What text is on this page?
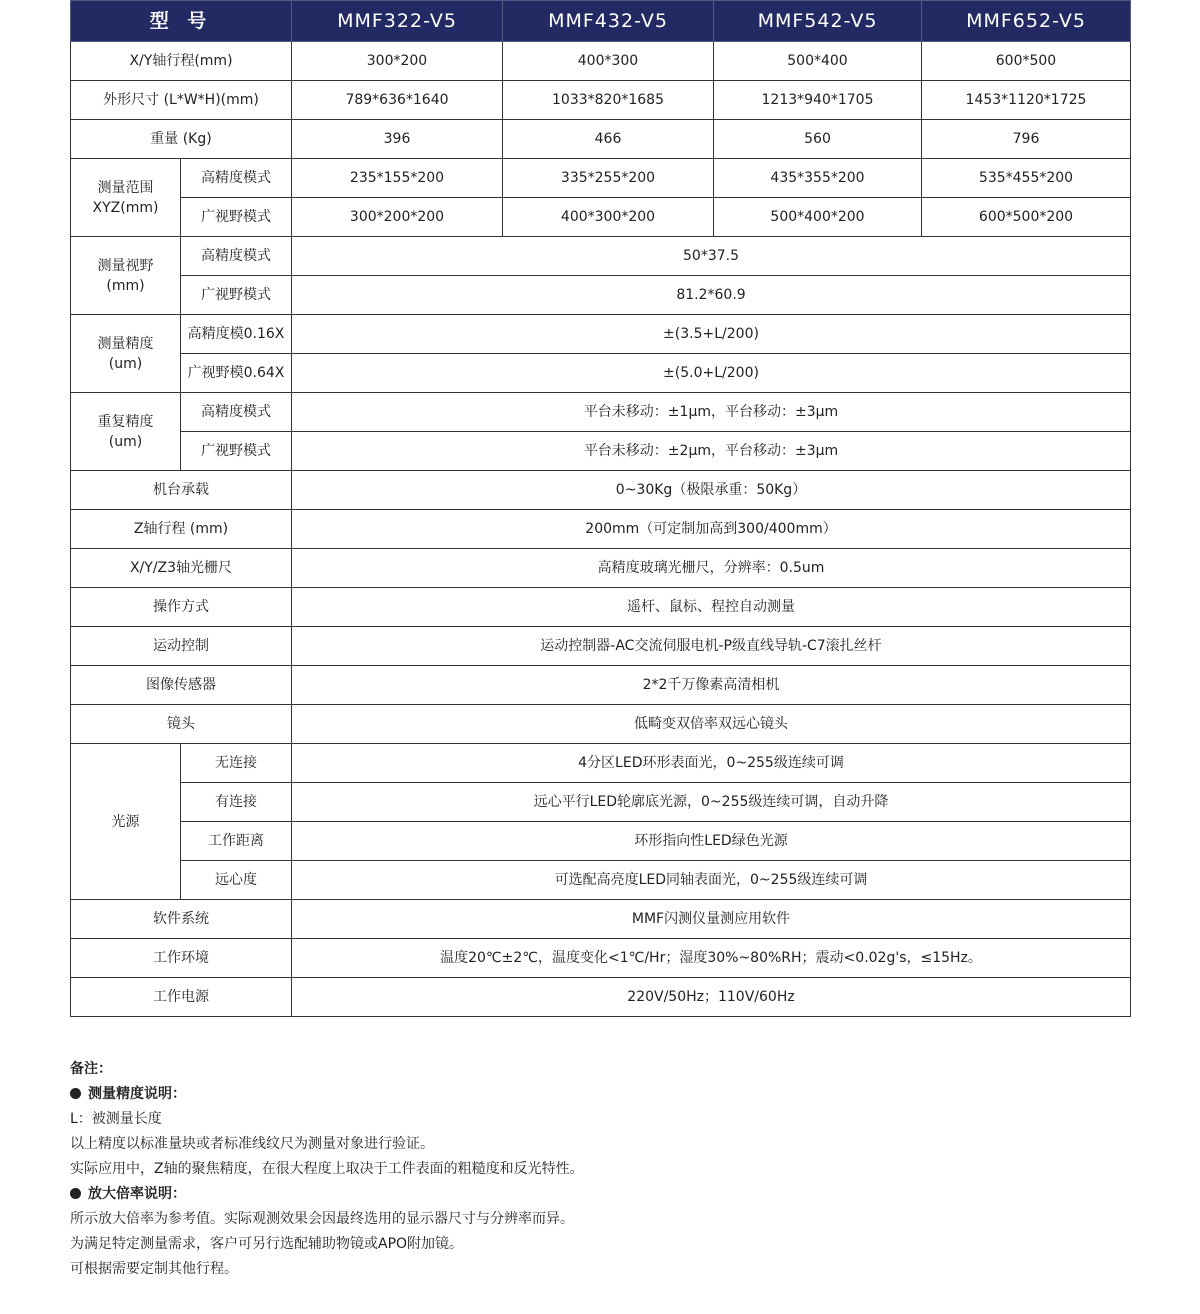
型 号		MMF322-V5	MMF432-V5	MMF542-V5	MMF652-V5
X/Y轴行程(mm)		300*200	400*300	500*400	600*500
外形尺寸 (L*W*H)(mm)		789*636*1640	1033*820*1685	1213*940*1705	1453*1120*1725
重量 (Kg)		396	466	560	796

测量范围
XYZ(mm)	高精度模式	235*155*200	335*255*200	435*355*200	535*455*200
	广视野模式	300*200*200	400*300*200	500*400*200	600*500*200

测量视野
(mm)	高精度模式	50*37.5			
	广视野模式	81.2*60.9			

测量精度
(um)	高精度模0.16X	±(3.5+L/200)			
	广视野模0.64X	±(5.0+L/200)			

重复精度
(um)	高精度模式	平台未移动：±1μm，平台移动：±3μm			
	广视野模式	平台未移动：±2μm，平台移动：±3μm			
机台承载		0~30Kg（极限承重：50Kg）			
Z轴行程 (mm)		200mm（可定制加高到300/400mm）			
X/Y/Z3轴光栅尺		高精度玻璃光栅尺，分辨率：0.5um			
操作方式		遥杆、鼠标、程控自动测量			
运动控制		运动控制器-AC交流伺服电机-P级直线导轨-C7滚扎丝杆			
图像传感器		2*2千万像素高清相机			
镜头		低畸变双倍率双远心镜头			
光源	无连接	4分区LED环形表面光，0~255级连续可调			
	有连接	远心平行LED轮廓底光源，0~255级连续可调，自动升降			
	工作距离	环形指向性LED绿色光源			
	远心度	可选配高亮度LED同轴表面光，0~255级连续可调			
软件系统		MMF闪测仪量测应用软件			
工作环境		温度20℃±2℃，温度变化<1℃/Hr；湿度30%~80%RH；震动<0.02g's，≤15Hz。			
工作电源		220V/50Hz；110V/60Hz			
备注：
测量精度说明：
L：被测量长度
以上精度以标准量块或者标准线纹尺为测量对象进行验证。
实际应用中，Z轴的聚焦精度，在很大程度上取决于工件表面的粗糙度和反光特性。
放大倍率说明：
所示放大倍率为参考值。实际观测效果会因最终选用的显示器尺寸与分辨率而异。
为满足特定测量需求，客户可另行选配辅助物镜或APO附加镜。
可根据需要定制其他行程。
